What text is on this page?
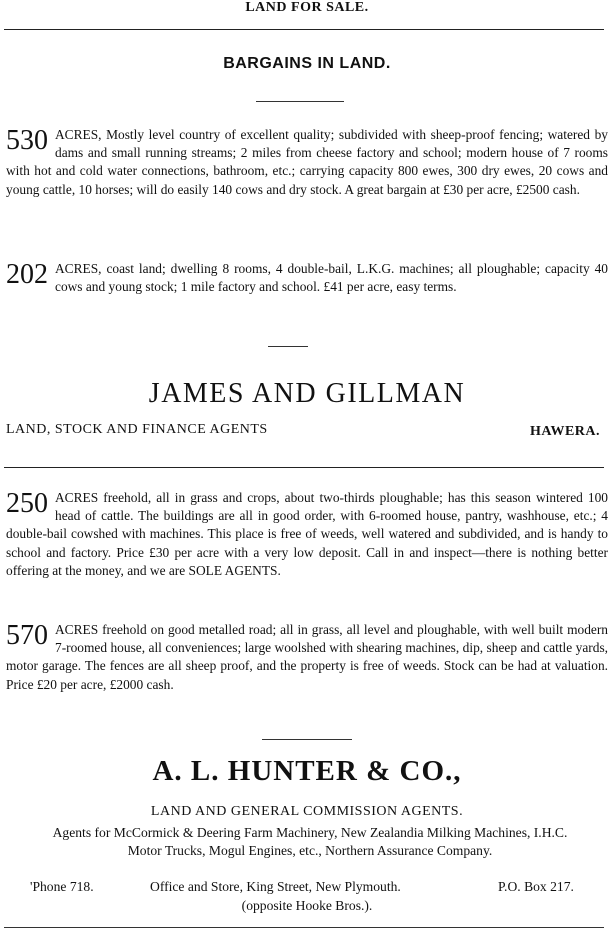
LAND FOR SALE.
BARGAINS IN LAND.
530 ACRES, Mostly level country of excellent quality; subdivided with sheep-proof fencing; watered by dams and small running streams; 2 miles from cheese factory and school; modern house of 7 rooms with hot and cold water connections, bathroom, etc.; carrying capacity 800 ewes, 300 dry ewes, 20 cows and young cattle, 10 horses; will do easily 140 cows and dry stock. A great bargain at £30 per acre, £2500 cash.
202 ACRES, coast land; dwelling 8 rooms, 4 double-bail, L.K.G. machines; all ploughable; capacity 40 cows and young stock; 1 mile factory and school. £41 per acre, easy terms.
JAMES AND GILLMAN
LAND, STOCK AND FINANCE AGENTS	HAWERA.
250 ACRES freehold, all in grass and crops, about two-thirds ploughable; has this season wintered 100 head of cattle. The buildings are all in good order, with 6-roomed house, pantry, washhouse, etc.; 4 double-bail cowshed with machines. This place is free of weeds, well watered and subdivided, and is handy to school and factory. Price £30 per acre with a very low deposit. Call in and inspect—there is nothing better offering at the money, and we are SOLE AGENTS.
570 ACRES freehold on good metalled road; all in grass, all level and ploughable, with well built modern 7-roomed house, all conveniences; large woolshed with shearing machines, dip, sheep and cattle yards, motor garage. The fences are all sheep proof, and the property is free of weeds. Stock can be had at valuation. Price £20 per acre, £2000 cash.
A. L. HUNTER & CO.,
LAND AND GENERAL COMMISSION AGENTS.
Agents for McCormick & Deering Farm Machinery, New Zealandia Milking Machines, I.H.C. Motor Trucks, Mogul Engines, etc., Northern Assurance Company.
'Phone 718.	Office and Store, King Street, New Plymouth.	P.O. Box 217.
(opposite Hooke Bros.).
